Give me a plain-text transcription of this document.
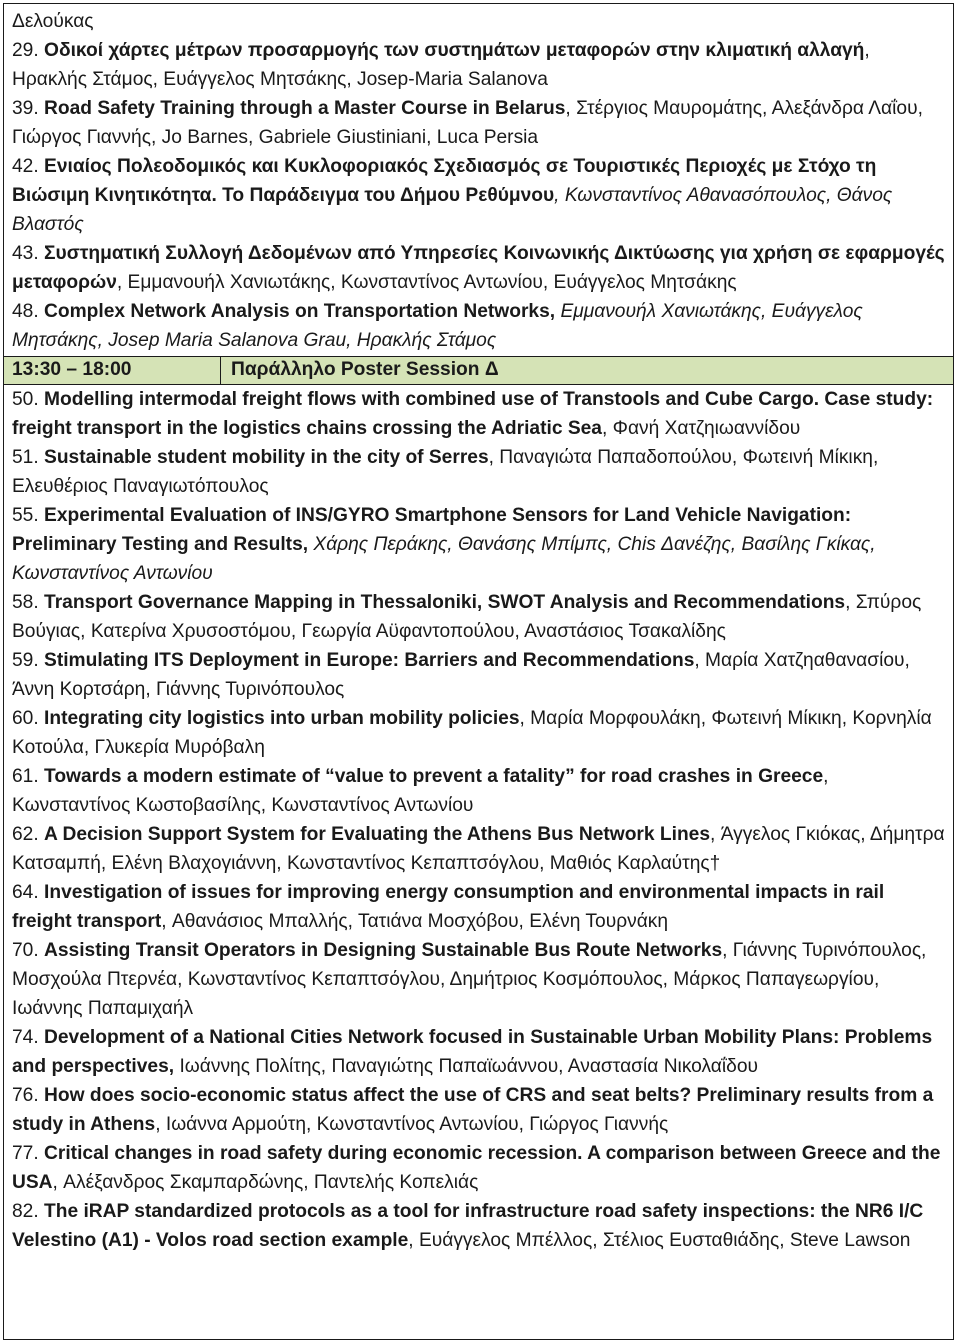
Δελούκας

29. Οδικοί χάρτες μέτρων προσαρμογής των συστημάτων μεταφορών στην κλιματική αλλαγή, Ηρακλής Στάμος, Ευάγγελος Μητσάκης, Josep-Maria Salanova

39. Road Safety Training through a Master Course in Belarus, Στέργιος Μαυρομάτης, Αλεξάνδρα Λαΐου, Γιώργος Γιαννής, Jo Barnes, Gabriele Giustiniani, Luca Persia

42. Ενιαίος Πολεοδομικός και Κυκλοφοριακός Σχεδιασμός σε Τουριστικές Περιοχές με Στόχο τη Βιώσιμη Κινητικότητα. Το Παράδειγμα του Δήμου Ρεθύμνου, Κωνσταντίνος Αθανασόπουλος, Θάνος Βλαστός

43. Συστηματική Συλλογή Δεδομένων από Υπηρεσίες Κοινωνικής Δικτύωσης για χρήση σε εφαρμογές μεταφορών, Εμμανουήλ Χανιωτάκης, Κωνσταντίνος Αντωνίου, Ευάγγελος Μητσάκης

48. Complex Network Analysis on Transportation Networks, Εμμανουήλ Χανιωτάκης, Ευάγγελος Μητσάκης, Josep Maria Salanova Grau, Ηρακλής Στάμος

13:30 – 18:00	Παράλληλο Poster Session Δ

50. Modelling intermodal freight flows with combined use of Transtools and Cube Cargo. Case study: freight transport in the logistics chains crossing the Adriatic Sea, Φανή Χατζηιωαννίδου

51. Sustainable student mobility in the city of Serres, Παναγιώτα Παπαδοπούλου, Φωτεινή Μίκικη, Ελευθέριος Παναγιωτόπουλος

55. Experimental Evaluation of INS/GYRO Smartphone Sensors for Land Vehicle Navigation: Preliminary Testing and Results, Χάρης Περάκης, Θανάσης Μπίμπς, Chis Δανέζης, Βασίλης Γκίκας, Κωνσταντίνος Αντωνίου

58. Transport Governance Mapping in Thessaloniki, SWOT Analysis and Recommendations, Σπύρος Βούγιας, Κατερίνα Χρυσοστόμου, Γεωργία Αϋφαντοπούλου, Αναστάσιος Τσακαλίδης

59. Stimulating ITS Deployment in Europe: Barriers and Recommendations, Μαρία Χατζηαθανασίου, Άννη Κορτσάρη, Γιάννης Τυρινόπουλος

60. Integrating city logistics into urban mobility policies, Μαρία Μορφουλάκη, Φωτεινή Μίκικη, Κορνηλία Κοτούλα, Γλυκερία Μυρόβαλη

61. Towards a modern estimate of “value to prevent a fatality” for road crashes in Greece, Κωνσταντίνος Κωστοβασίλης, Κωνσταντίνος Αντωνίου

62. A Decision Support System for Evaluating the Athens Bus Network Lines, Άγγελος Γκιόκας, Δήμητρα Κατσαμπή, Ελένη Βλαχογιάννη, Κωνσταντίνος Κεπαπτσόγλου, Μαθιός Καρλαύτης†

64. Investigation of issues for improving energy consumption and environmental impacts in rail freight transport, Αθανάσιος Μπαλλής, Τατιάνα Μοσχόβου, Ελένη Τουρνάκη

70. Assisting Transit Operators in Designing Sustainable Bus Route Networks, Γιάννης Τυρινόπουλος, Μοσχούλα Πτερνέα, Κωνσταντίνος Κεπαπτσόγλου, Δημήτριος Κοσμόπουλος, Μάρκος Παπαγεωργίου, Ιωάννης Παπαμιχαήλ

74. Development of a National Cities Network focused in Sustainable Urban Mobility Plans: Problems and perspectives, Ιωάννης Πολίτης, Παναγιώτης Παπαϊωάννου, Αναστασία Νικολαΐδου

76. How does socio-economic status affect the use of CRS and seat belts? Preliminary results from a study in Athens, Ιωάννα Αρμούτη, Κωνσταντίνος Αντωνίου, Γιώργος Γιαννής

77. Critical changes in road safety during economic recession. A comparison between Greece and the USA, Αλέξανδρος Σκαμπαρδώνης, Παντελής Κοπελιάς

82. The iRAP standardized protocols as a tool for infrastructure road safety inspections: the NR6 I/C Velestino (A1) - Volos road section example, Ευάγγελος Μπέλλος, Στέλιος Ευσταθιάδης, Steve Lawson
